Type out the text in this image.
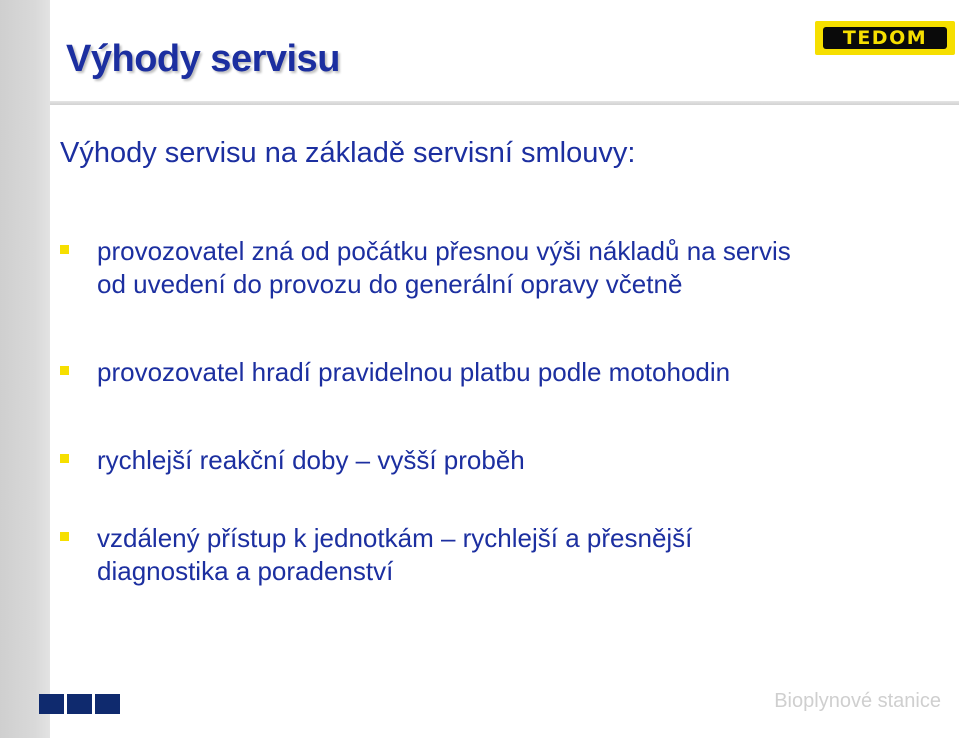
Výhody servisu	TEDOM
Výhody servisu na základě servisní smlouvy:
provozovatel zná od počátku přesnou výši nákladů na servis
od uvedení do provozu do generální opravy včetně
provozovatel hradí pravidelnou platbu podle motohodin
rychlejší reakční doby – vyšší proběh
vzdálený přístup k jednotkám – rychlejší a přesnější
diagnostika a poradenství
Bioplynové stanice
